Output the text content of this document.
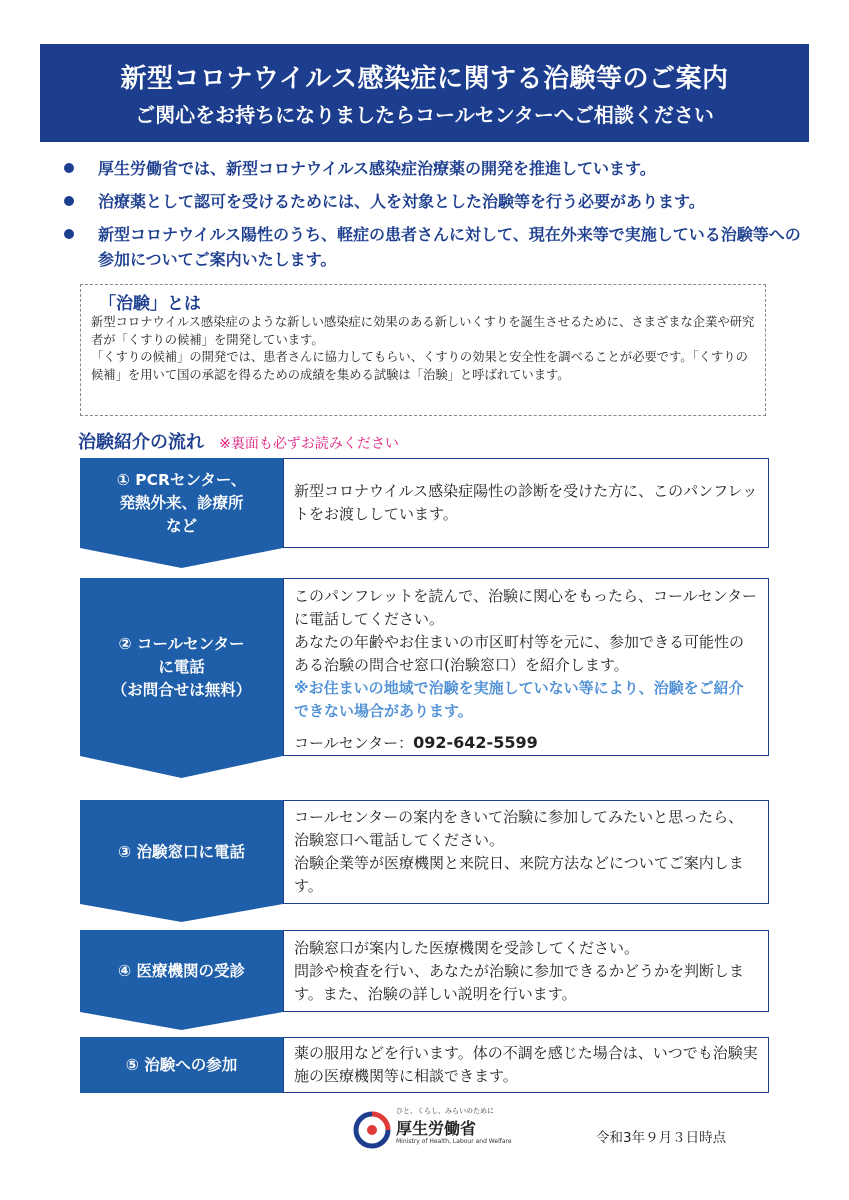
新型コロナウイルス感染症に関する治験等のご案内
ご関心をお持ちになりましたらコールセンターへご相談ください
厚生労働省では、新型コロナウイルス感染症治療薬の開発を推進しています。
治療薬として認可を受けるためには、人を対象とした治験等を行う必要があります。
新型コロナウイルス陽性のうち、軽症の患者さんに対して、現在外来等で実施している治験等への参加についてご案内いたします。
「治験」とは
新型コロナウイルス感染症のような新しい感染症に効果のある新しいくすりを誕生させるために、さまざまな企業や研究者が「くすりの候補」を開発しています。
「くすりの候補」の開発では、患者さんに協力してもらい、くすりの効果と安全性を調べることが必要です。「くすりの候補」を用いて国の承認を得るための成績を集める試験は「治験」と呼ばれています。
治験紹介の流れ ※裏面も必ずお読みください
① PCRセンター、
発熱外来、診療所
など
新型コロナウイルス感染症陽性の診断を受けた方に、このパンフレットをお渡ししています。
② コールセンター
に電話
（お問合せは無料）
このパンフレットを読んで、治験に関心をもったら、コールセンターに電話してください。
あなたの年齢やお住まいの市区町村等を元に、参加できる可能性のある治験の問合せ窓口(治験窓口）を紹介します。
※お住まいの地域で治験を実施していない等により、治験をご紹介できない場合があります。
コールセンター：092-642-5599
③ 治験窓口に電話
コールセンターの案内をきいて治験に参加してみたいと思ったら、治験窓口へ電話してください。
治験企業等が医療機関と来院日、来院方法などについてご案内します。
④ 医療機関の受診
治験窓口が案内した医療機関を受診してください。
問診や検査を行い、あなたが治験に参加できるかどうかを判断します。また、治験の詳しい説明を行います。
⑤ 治験への参加
薬の服用などを行います。体の不調を感じた場合は、いつでも治験実施の医療機関等に相談できます。
ひと、くらし、みらいのために
厚生労働省
Ministry of Health, Labour and Welfare	令和3年９月３日時点
